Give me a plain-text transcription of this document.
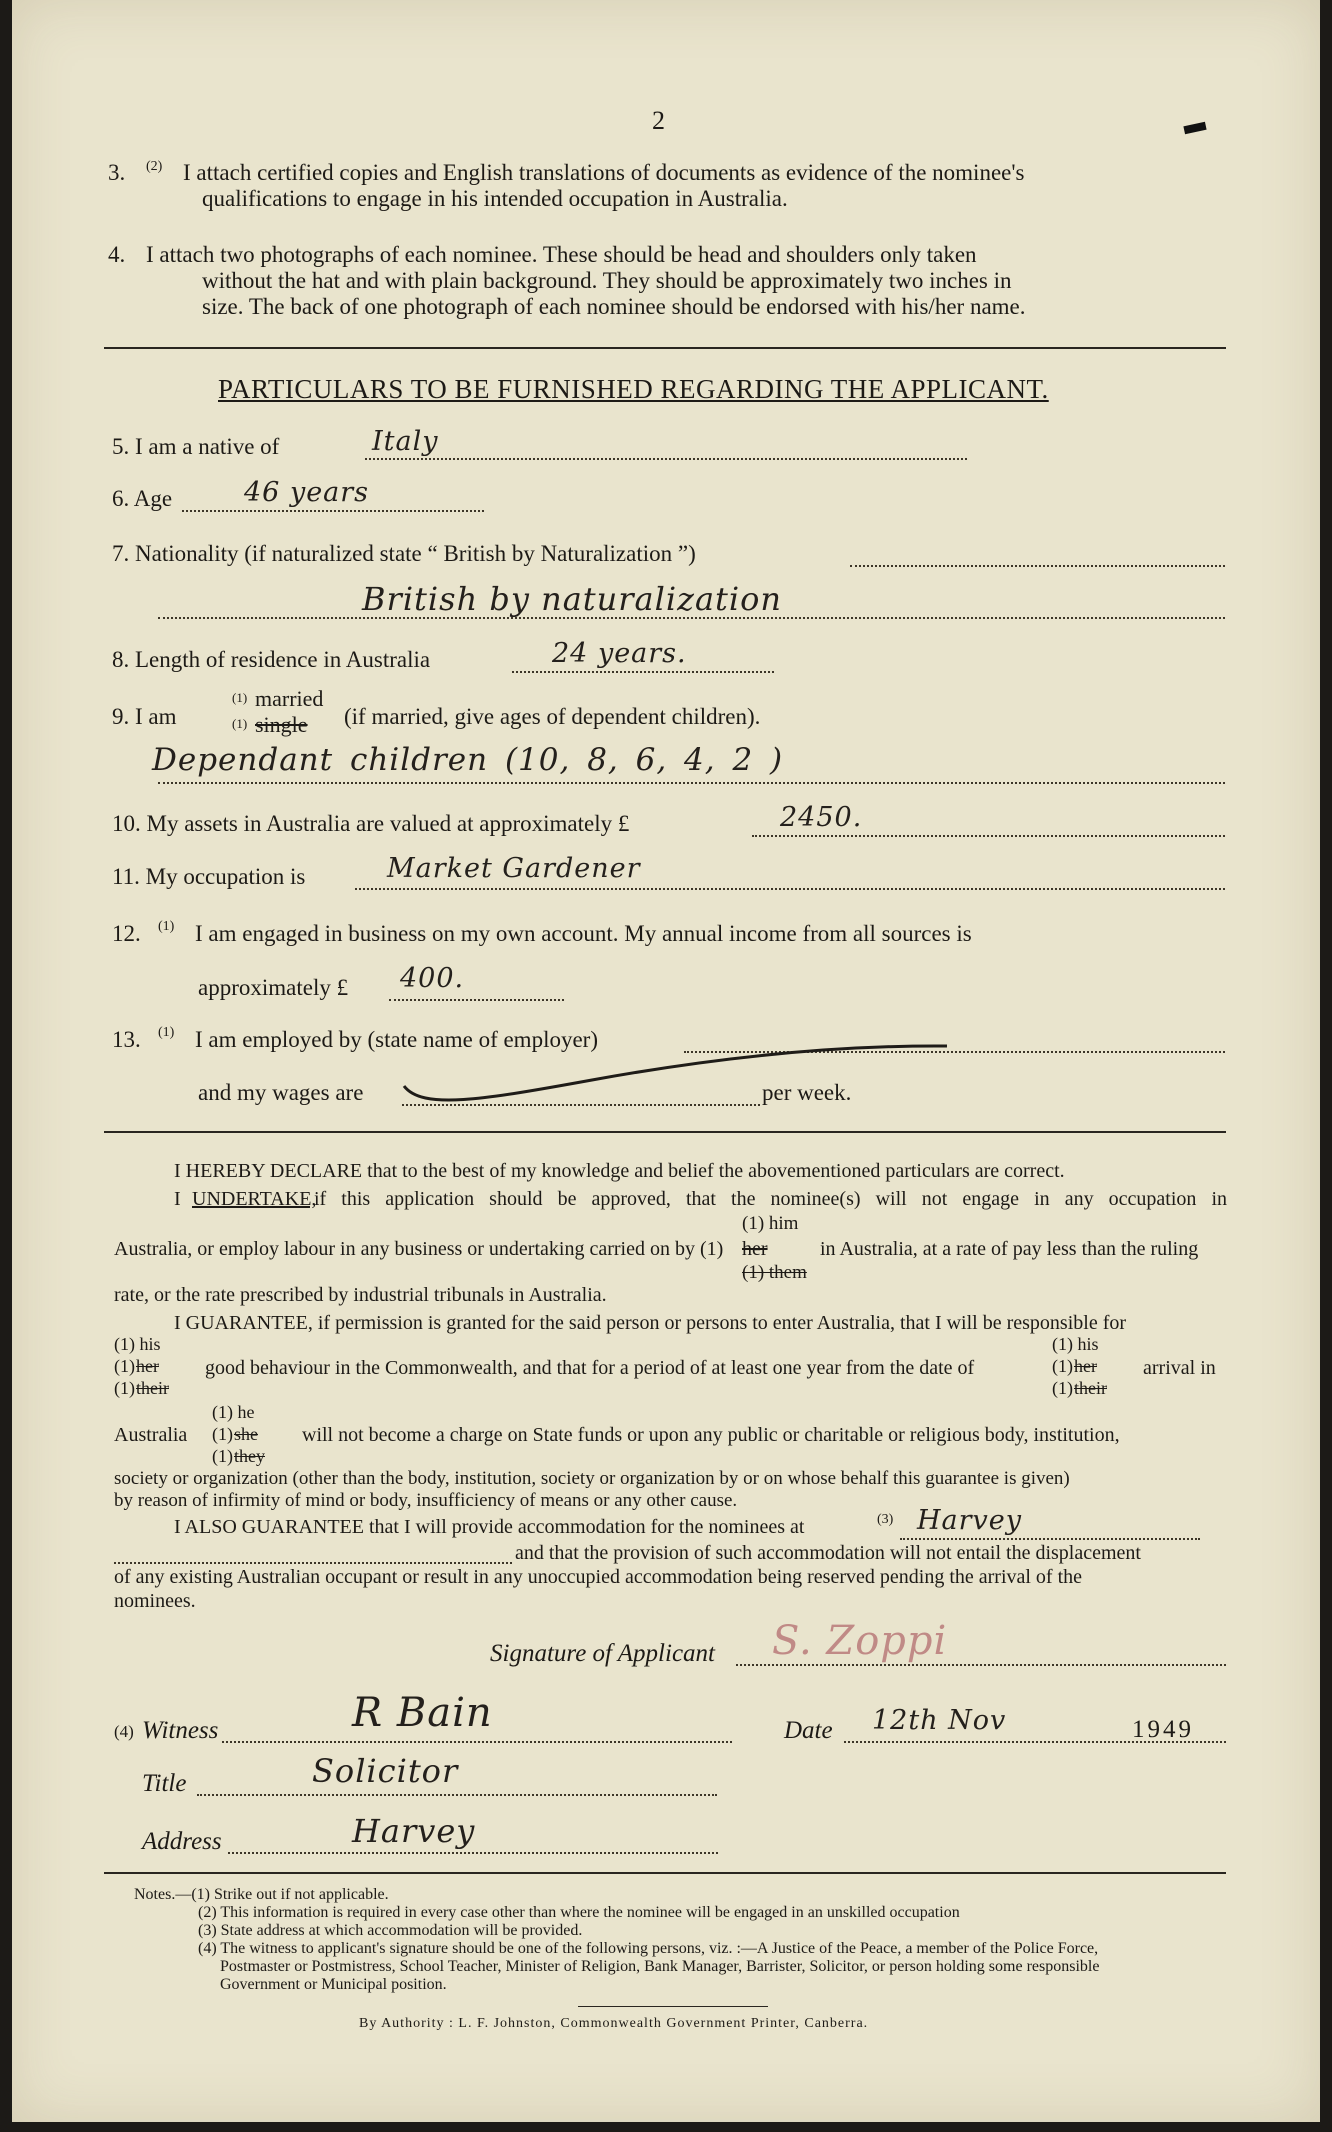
2
3. (2) I attach certified copies and English translations of documents as evidence of the nominee's
qualifications to engage in his intended occupation in Australia.
4. I attach two photographs of each nominee. These should be head and shoulders only taken
without the hat and with plain background. They should be approximately two inches in
size. The back of one photograph of each nominee should be endorsed with his/her name.
PARTICULARS TO BE FURNISHED REGARDING THE APPLICANT.
5. I am a native of	Italy
6. Age	46 years
7. Nationality (if naturalized state “ British by Naturalization ”)
British by naturalization
8. Length of residence in Australia	24 years.
9. I am
(1) married
(1) single (if married, give ages of dependent children).
Dependant children (10, 8, 6, 4, 2 )
10. My assets in Australia are valued at approximately £	2450.
11. My occupation is	Market Gardener
12. (1) I am engaged in business on my own account. My annual income from all sources is
approximately £ 400.
13. (1) I am employed by (state name of employer)
and my wages are	per week.
I HEREBY DECLARE that to the best of my knowledge and belief the abovementioned particulars are correct.
I UNDERTAKE,
if this application should be approved, that the nominee(s) will not engage in any occupation in
(1) him
Australia, or employ labour in any business or undertaking carried on by (1) her	in Australia, at a rate of pay less than the ruling
(1) them
rate, or the rate prescribed by industrial tribunals in Australia.
I GUARANTEE, if permission is granted for the said person or persons to enter Australia, that I will be responsible for
(1) his
(1) her
(1) their
good behaviour in the Commonwealth, and that for a period of at least one year from the date of
(1) his
(1) her arrival in
(1) their
(1) he
Australia (1) she will not become a charge on State funds or upon any public or charitable or religious body, institution,
(1) they
society or organization (other than the body, institution, society or organization by or on whose behalf this guarantee is given)
by reason of infirmity of mind or body, insufficiency of means or any other cause.
I ALSO GUARANTEE that I will provide accommodation for the nominees at	(3) Harvey
and that the provision of such accommodation will not entail the displacement
of any existing Australian occupant or result in any unoccupied accommodation being reserved pending the arrival of the
nominees.
Signature of Applicant S. Zoppi
(4) Witness	R Bain	Date 12th Nov	1949
Title	Solicitor
Address	Harvey
Notes.—(1) Strike out if not applicable.
(2) This information is required in every case other than where the nominee will be engaged in an unskilled occupation
(3) State address at which accommodation will be provided.
(4) The witness to applicant's signature should be one of the following persons, viz. :—A Justice of the Peace, a member of the Police Force,
Postmaster or Postmistress, School Teacher, Minister of Religion, Bank Manager, Barrister, Solicitor, or person holding some responsible
Government or Municipal position.
By Authority : L. F. Johnston, Commonwealth Government Printer, Canberra.
